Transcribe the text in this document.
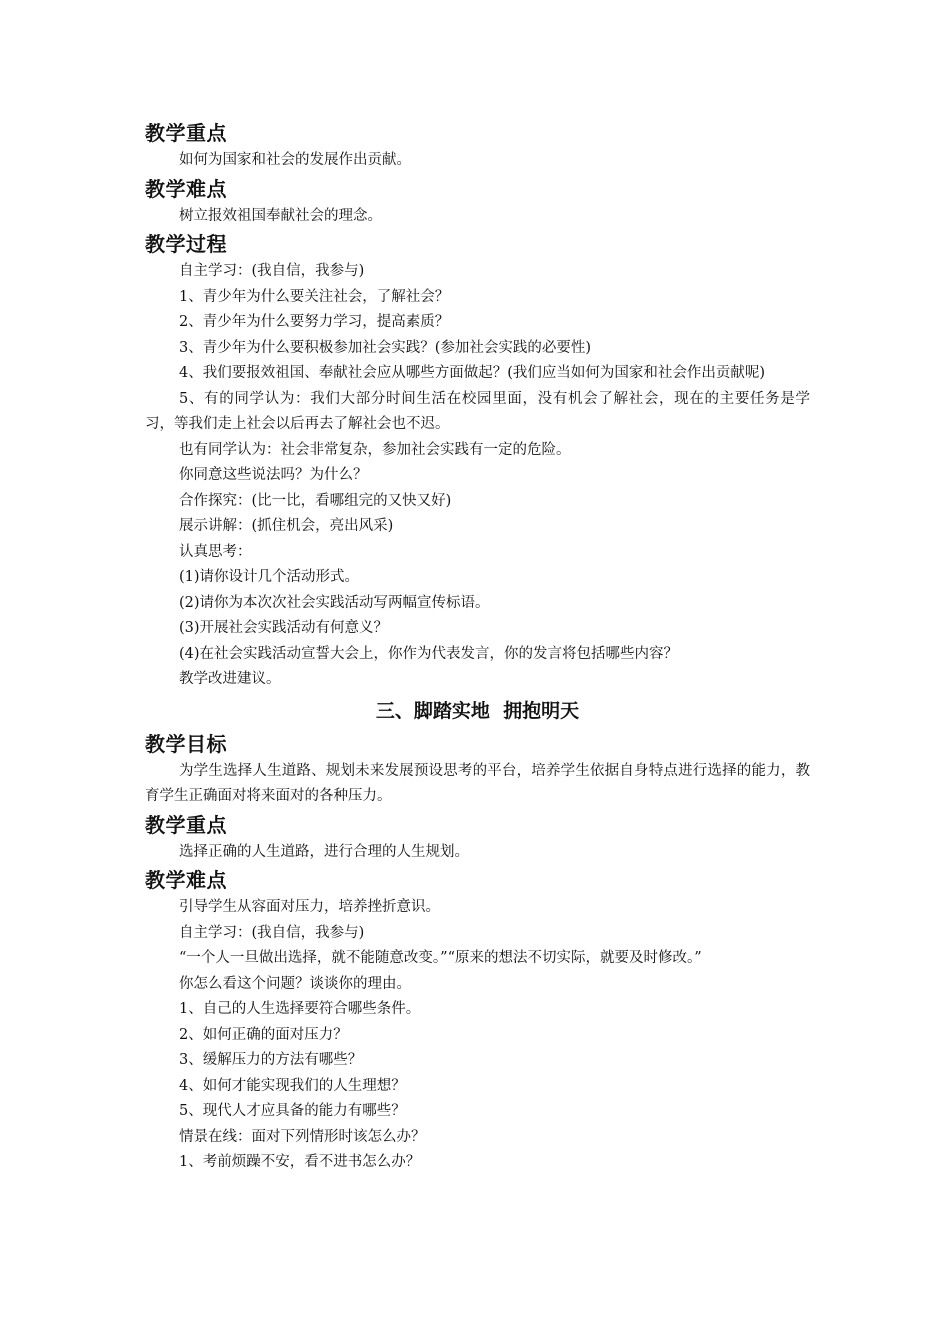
教学重点

如何为国家和社会的发展作出贡献。

教学难点

树立报效祖国奉献社会的理念。

教学过程

自主学习：(我自信，我参与)

1、青少年为什么要关注社会，了解社会？

2、青少年为什么要努力学习，提高素质？

3、青少年为什么要积极参加社会实践？(参加社会实践的必要性)

4、我们要报效祖国、奉献社会应从哪些方面做起？(我们应当如何为国家和社会作出贡献呢)

5、有的同学认为：我们大部分时间生活在校园里面，没有机会了解社会，现在的主要任务是学习，等我们走上社会以后再去了解社会也不迟。

也有同学认为：社会非常复杂，参加社会实践有一定的危险。

你同意这些说法吗？为什么？

合作探究：(比一比，看哪组完的又快又好)

展示讲解：(抓住机会，亮出风采)

认真思考：

(1)请你设计几个活动形式。

(2)请你为本次次社会实践活动写两幅宣传标语。

(3)开展社会实践活动有何意义？

(4)在社会实践活动宣誓大会上，你作为代表发言，你的发言将包括哪些内容？

教学改进建议。

三、脚踏实地  拥抱明天
教学目标

为学生选择人生道路、规划未来发展预设思考的平台，培养学生依据自身特点进行选择的能力，教育学生正确面对将来面对的各种压力。

教学重点

选择正确的人生道路，进行合理的人生规划。

教学难点

引导学生从容面对压力，培养挫折意识。

自主学习：(我自信，我参与)

“一个人一旦做出选择，就不能随意改变。”“原来的想法不切实际，就要及时修改。”

你怎么看这个问题？谈谈你的理由。

1、自己的人生选择要符合哪些条件。

2、如何正确的面对压力？

3、缓解压力的方法有哪些？

4、如何才能实现我们的人生理想？

5、现代人才应具备的能力有哪些？

情景在线：面对下列情形时该怎么办？

1、考前烦躁不安，看不进书怎么办？
